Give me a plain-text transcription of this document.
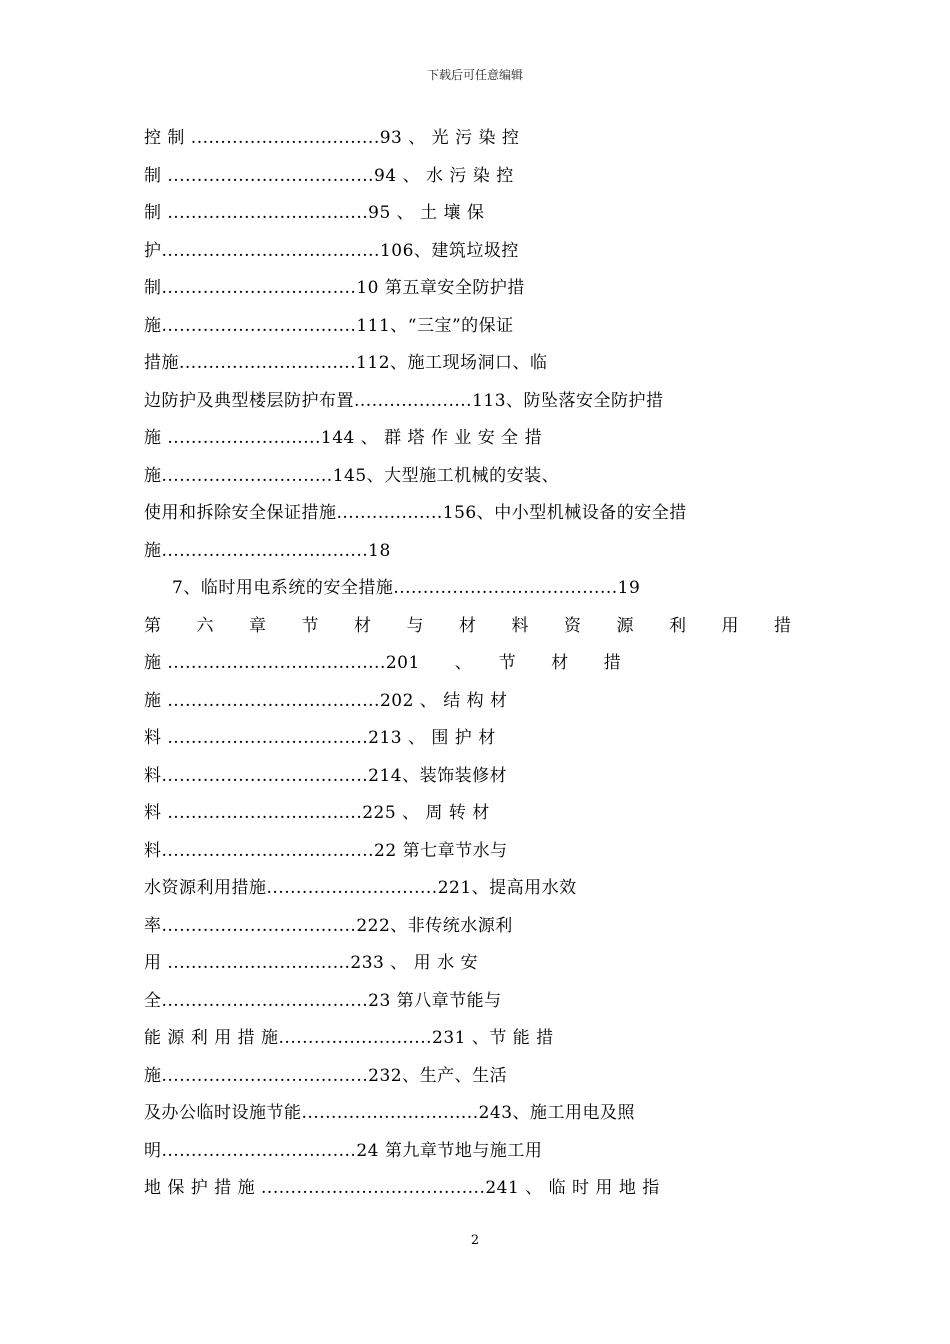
下载后可任意编辑
控 制 ................................93 、 光 污 染 控
制 ...................................94 、 水 污 染 控
制 ..................................95 、 土 壤 保
护.....................................106、建筑垃圾控
制.................................10 第五章安全防护措
施.................................111、“三宝”的保证
措施..............................112、施工现场洞口、临
边防护及典型楼层防护布置....................113、防坠落安全防护措
施 ..........................144 、 群 塔 作 业 安 全 措
施.............................145、大型施工机械的安装、
使用和拆除安全保证措施..................156、中小型机械设备的安全措
施...................................18
7、临时用电系统的安全措施......................................19
第　　六　　章　　节　　材　　与　　材　　料　　资　　源　　利　　用　　措
施 .....................................201　　、　　节　　材　　措
施 ....................................202 、 结 构 材
料 ..................................213 、 围 护 材
料...................................214、装饰装修材
料 .................................225 、 周 转 材
料....................................22 第七章节水与
水资源利用措施.............................221、提高用水效
率.................................222、非传统水源利
用 ...............................233 、 用 水 安
全...................................23 第八章节能与
能 源 利 用 措 施..........................231 、节 能 措
施...................................232、生产、生活
及办公临时设施节能..............................243、施工用电及照
明.................................24 第九章节地与施工用
地 保 护 措 施 ......................................241 、 临 时 用 地 指
2
